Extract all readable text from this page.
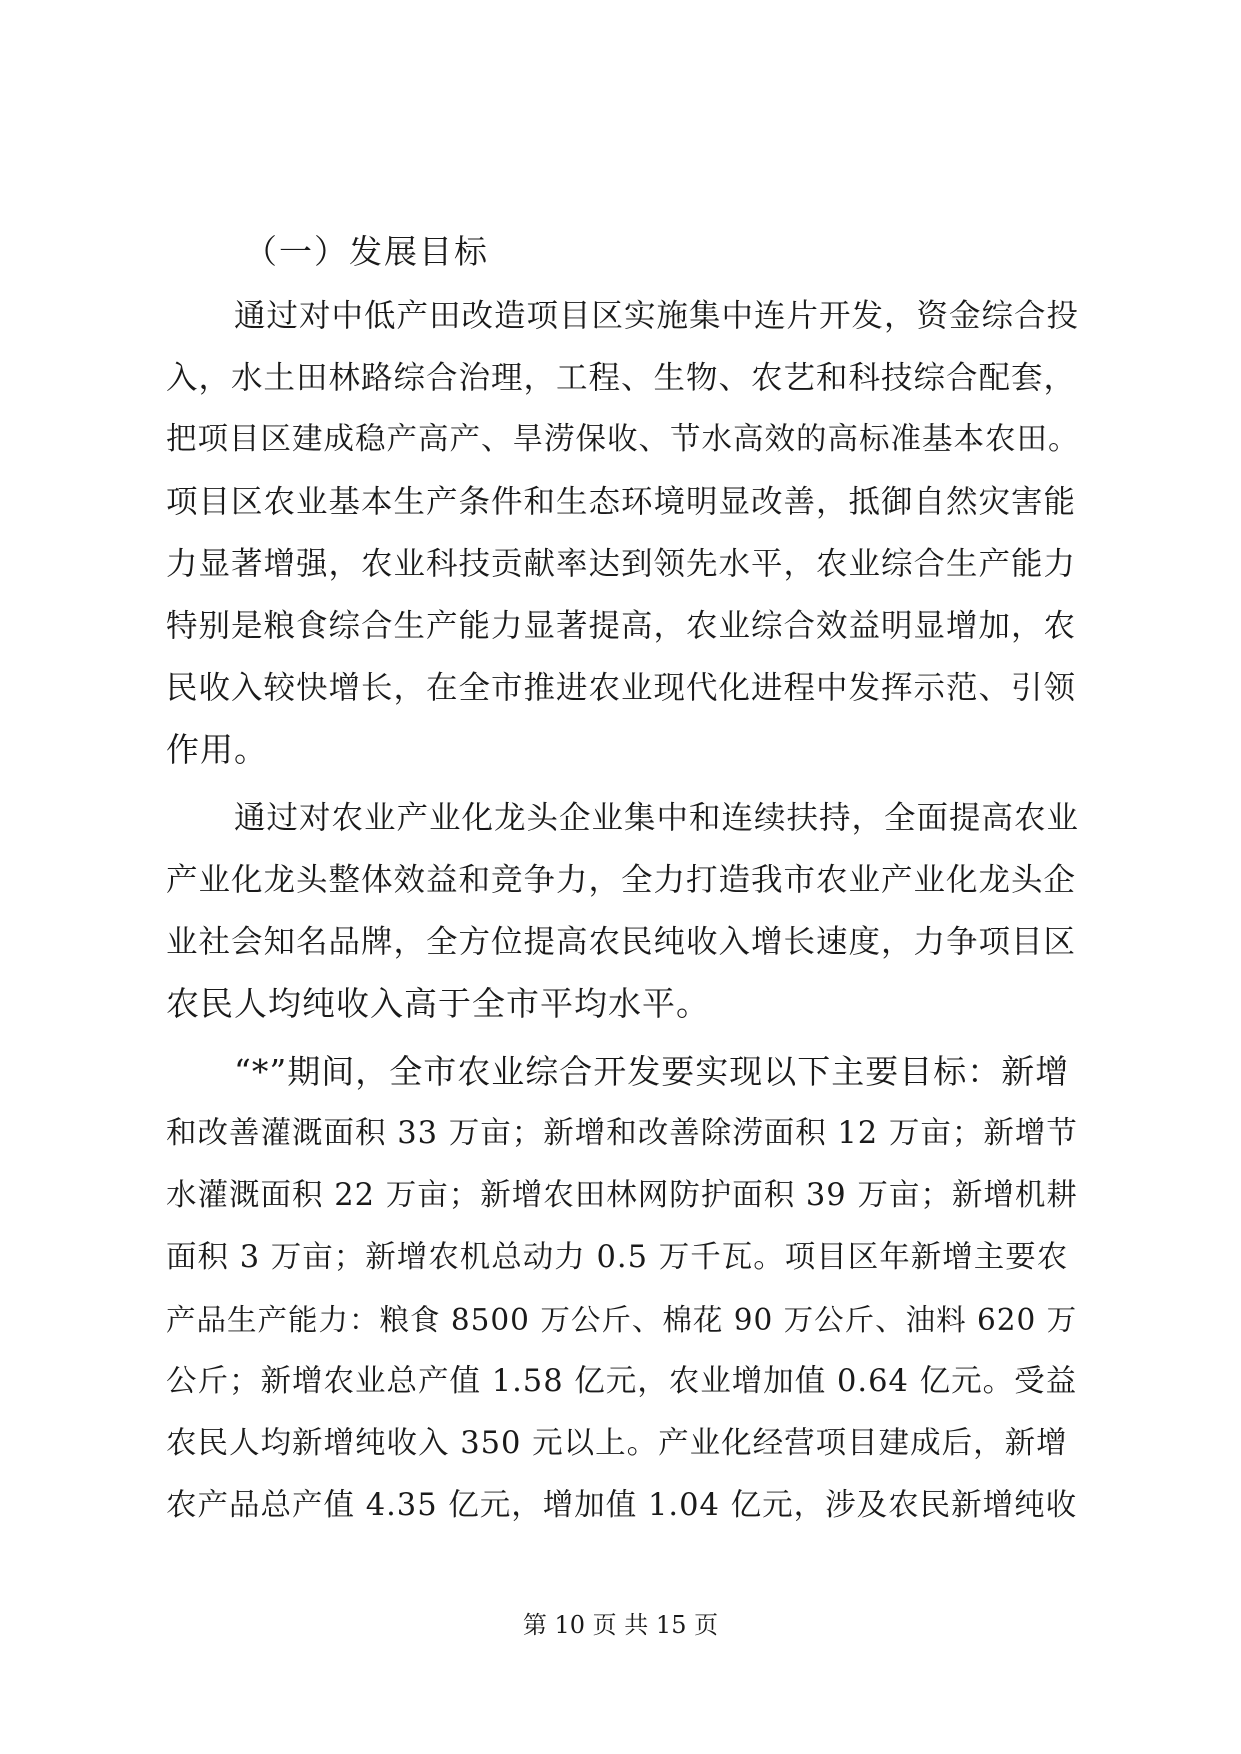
（一）发展目标
通过对中低产田改造项目区实施集中连片开发，资金综合投
入，水土田林路综合治理，工程、生物、农艺和科技综合配套，
把项目区建成稳产高产、旱涝保收、节水高效的高标准基本农田。
项目区农业基本生产条件和生态环境明显改善，抵御自然灾害能
力显著增强，农业科技贡献率达到领先水平，农业综合生产能力
特别是粮食综合生产能力显著提高，农业综合效益明显增加，农
民收入较快增长，在全市推进农业现代化进程中发挥示范、引领
作用。
通过对农业产业化龙头企业集中和连续扶持，全面提高农业
产业化龙头整体效益和竞争力，全力打造我市农业产业化龙头企
业社会知名品牌，全方位提高农民纯收入增长速度，力争项目区
农民人均纯收入高于全市平均水平。
“*”期间，全市农业综合开发要实现以下主要目标：新增
和改善灌溉面积 33 万亩；新增和改善除涝面积 12 万亩；新增节
水灌溉面积 22 万亩；新增农田林网防护面积 39 万亩；新增机耕
面积 3 万亩；新增农机总动力 0.5 万千瓦。项目区年新增主要农
产品生产能力：粮食 8500 万公斤、棉花 90 万公斤、油料 620 万
公斤；新增农业总产值 1.58 亿元，农业增加值 0.64 亿元。受益
农民人均新增纯收入 350 元以上。产业化经营项目建成后，新增
农产品总产值 4.35 亿元，增加值 1.04 亿元，涉及农民新增纯收
第 10 页 共 15 页
